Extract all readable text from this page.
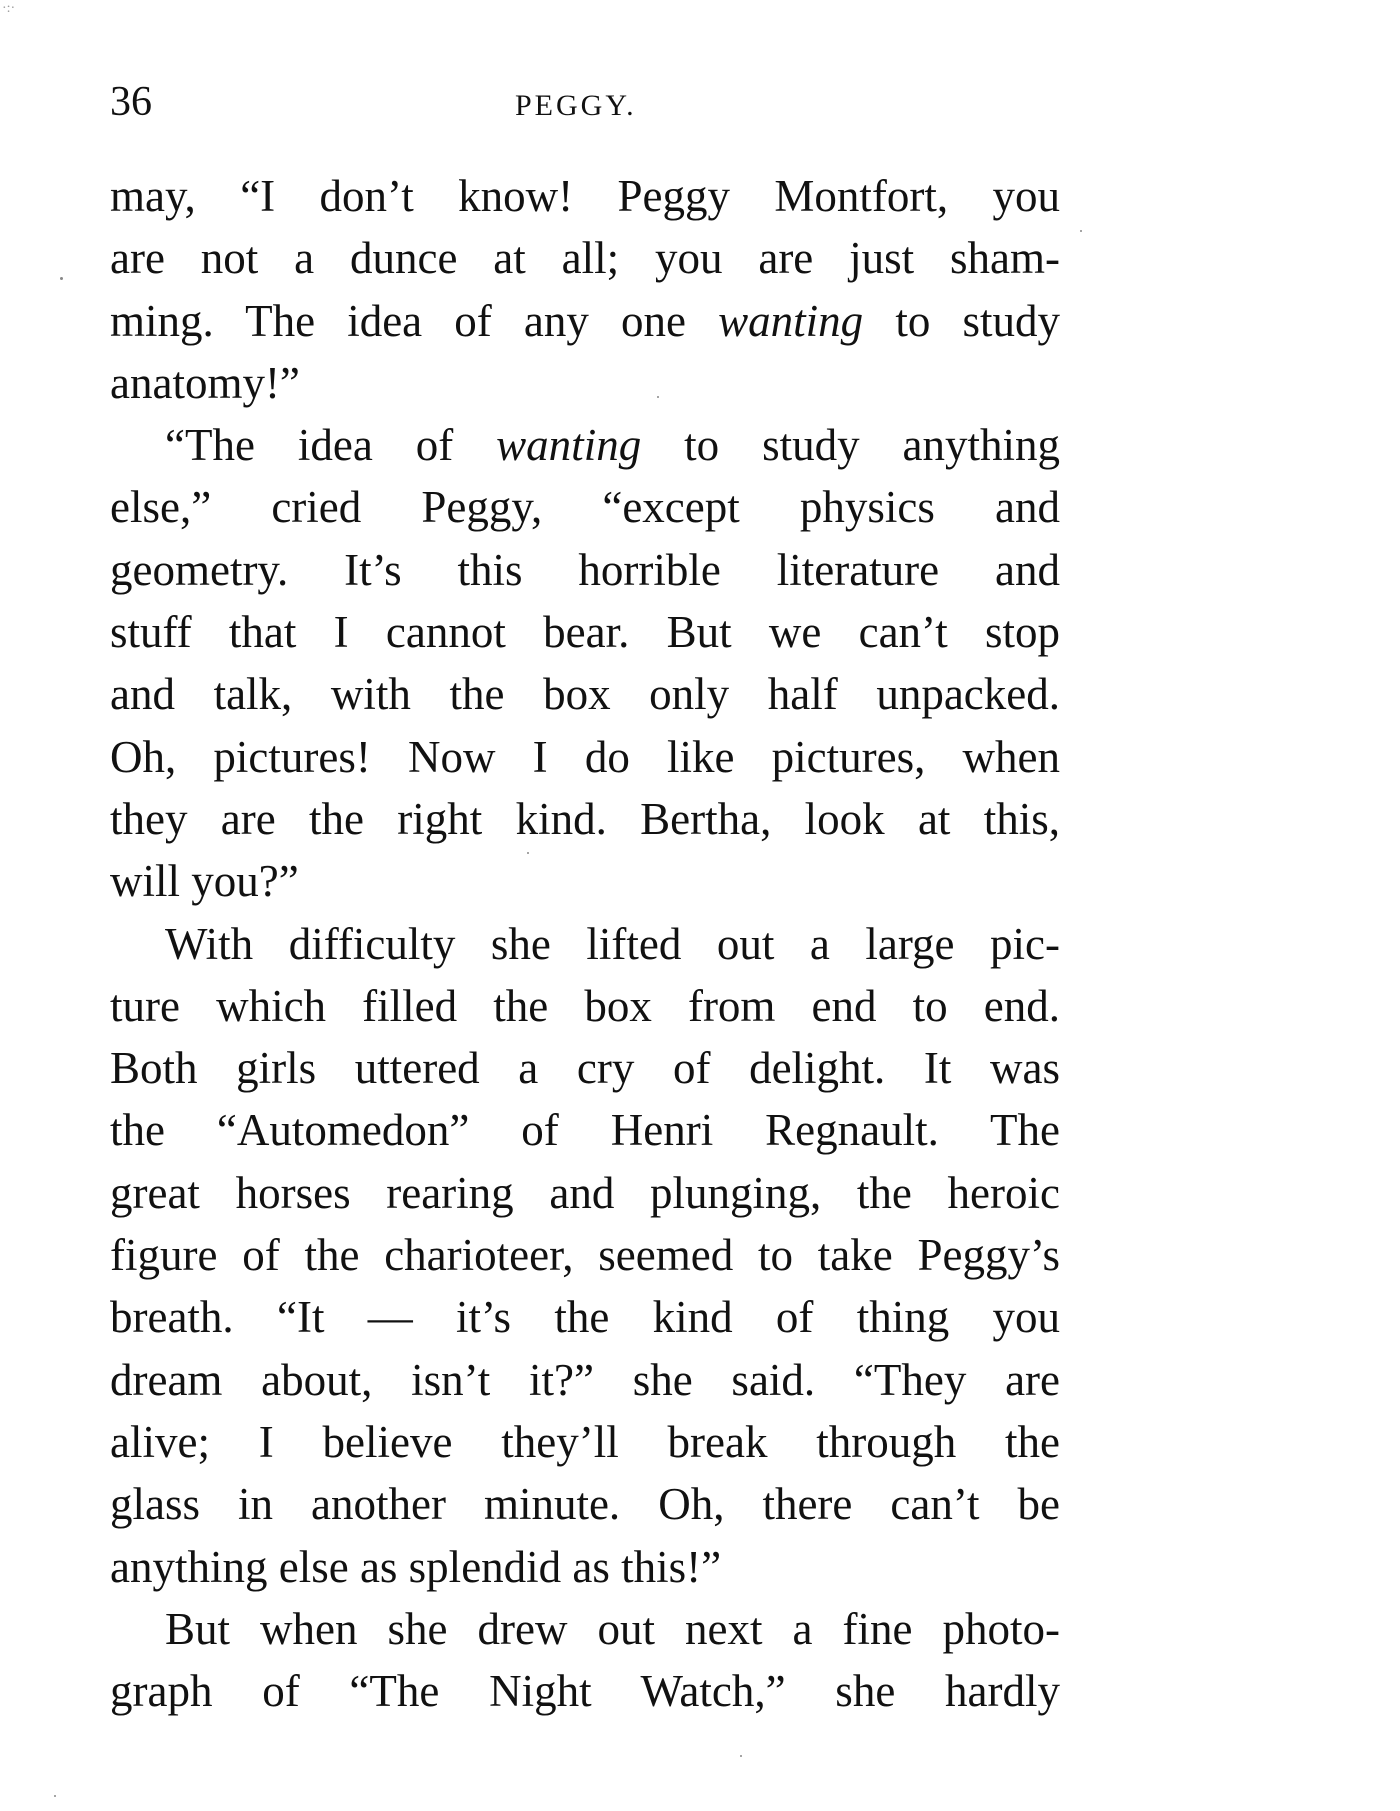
·:·
36	PEGGY.
may, “I don’t know! Peggy Montfort, you
are not a dunce at all; you are just sham-
ming. The idea of any one wanting to study
anatomy!”
“The idea of wanting to study anything
else,” cried Peggy, “except physics and
geometry. It’s this horrible literature and
stuff that I cannot bear. But we can’t stop
and talk, with the box only half unpacked.
Oh, pictures! Now I do like pictures, when
they are the right kind. Bertha, look at this,
will you?”
With difficulty she lifted out a large pic-
ture which filled the box from end to end.
Both girls uttered a cry of delight. It was
the “Automedon” of Henri Regnault. The
great horses rearing and plunging, the heroic
figure of the charioteer, seemed to take Peggy’s
breath. “It — it’s the kind of thing you
dream about, isn’t it?” she said. “They are
alive; I believe they’ll break through the
glass in another minute. Oh, there can’t be
anything else as splendid as this!”
But when she drew out next a fine photo-
graph of “The Night Watch,” she hardly
